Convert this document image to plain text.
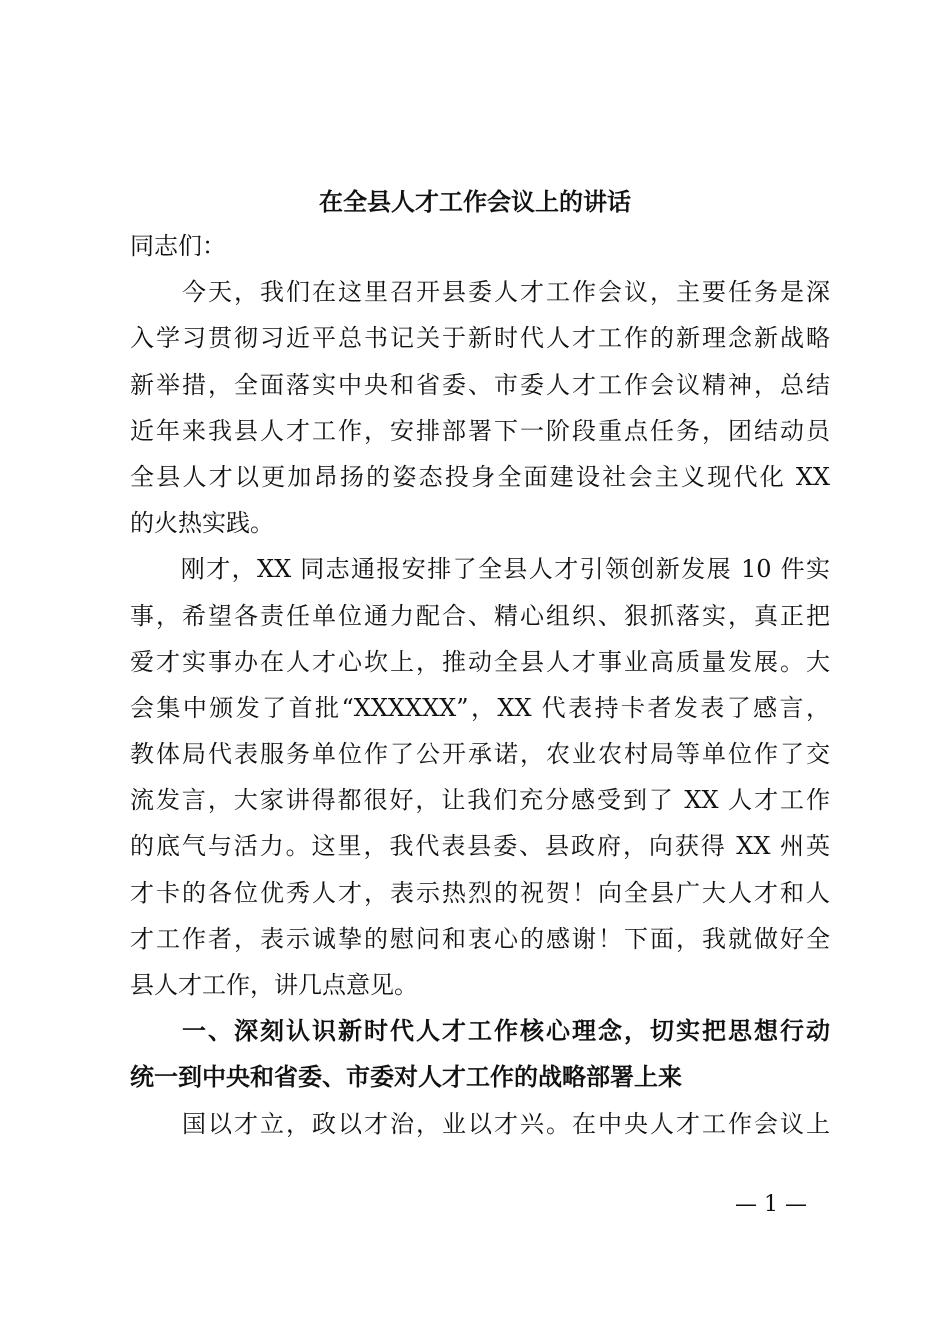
在全县人才工作会议上的讲话
同志们：
　　今天，我们在这里召开县委人才工作会议，主要任务是深
入学习贯彻习近平总书记关于新时代人才工作的新理念新战略
新举措，全面落实中央和省委、市委人才工作会议精神，总结
近年来我县人才工作，安排部署下一阶段重点任务，团结动员
全县人才以更加昂扬的姿态投身全面建设社会主义现代化 XX
的火热实践。
　　刚才，XX 同志通报安排了全县人才引领创新发展 10 件实
事，希望各责任单位通力配合、精心组织、狠抓落实，真正把
爱才实事办在人才心坎上，推动全县人才事业高质量发展。大
会集中颁发了首批“XXXXXX”，XX 代表持卡者发表了感言，
教体局代表服务单位作了公开承诺，农业农村局等单位作了交
流发言，大家讲得都很好，让我们充分感受到了 XX 人才工作
的底气与活力。这里，我代表县委、县政府，向获得 XX 州英
才卡的各位优秀人才，表示热烈的祝贺！向全县广大人才和人
才工作者，表示诚挚的慰问和衷心的感谢！下面，我就做好全
县人才工作，讲几点意见。
　　一、深刻认识新时代人才工作核心理念，切实把思想行动
统一到中央和省委、市委对人才工作的战略部署上来
　　国以才立，政以才治，业以才兴。在中央人才工作会议上
— 1 —
